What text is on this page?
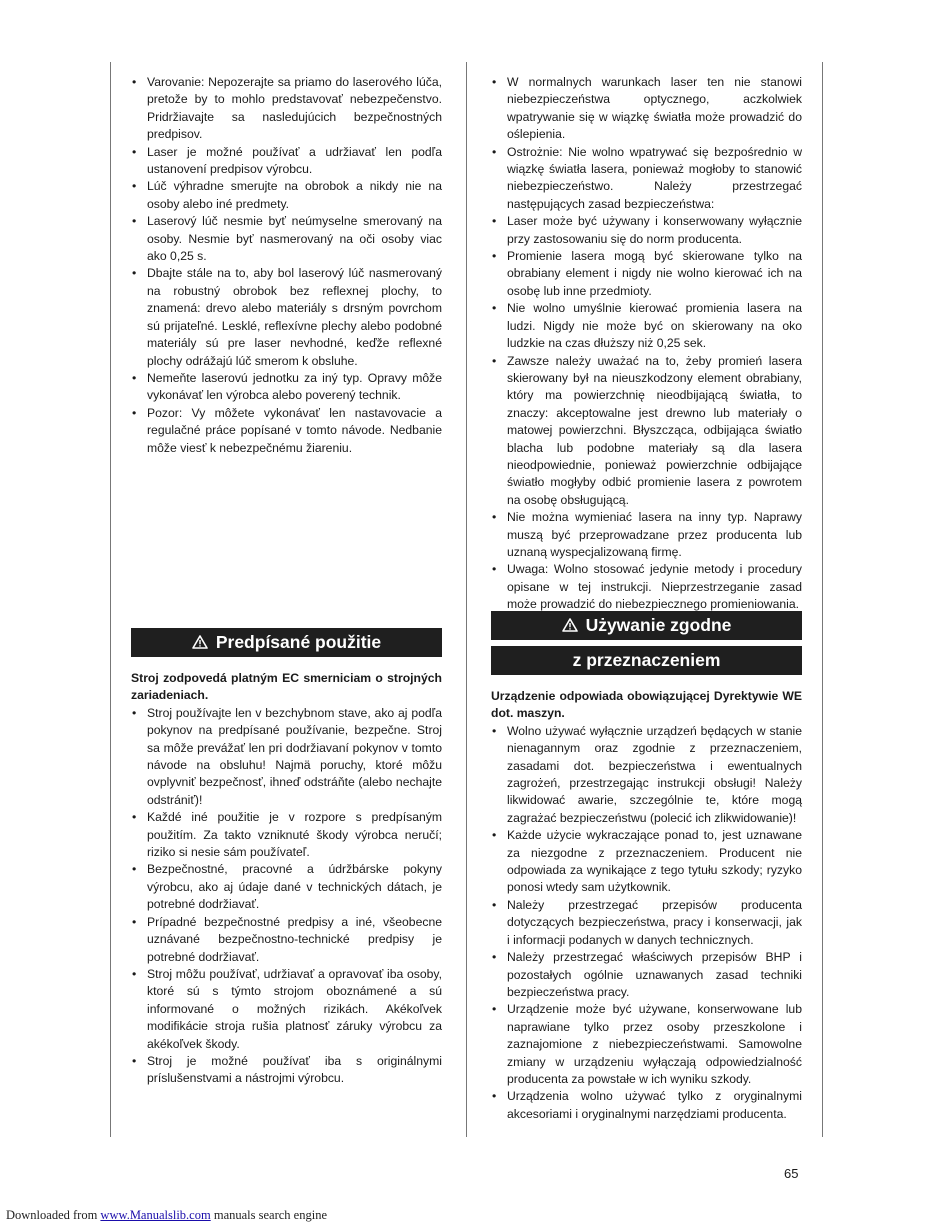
• Varovanie: Nepozerajte sa priamo do laserového lúča, pretože by to mohlo predstavovať nebezpečenstvo. Pridržiavajte sa nasledujúcich bezpečnostných predpisov.
• Laser je možné používať a udržiavať len podľa ustanovení predpisov výrobcu.
• Lúč výhradne smerujte na obrobok a nikdy nie na osoby alebo iné predmety.
• Laserový lúč nesmie byť neúmyselne smerovaný na osoby. Nesmie byť nasmerovaný na oči osoby viac ako 0,25 s.
• Dbajte stále na to, aby bol laserový lúč nasmerovaný na robustný obrobok bez reflexnej plochy, to znamená: drevo alebo materiály s drsným povrchom sú prijateľné. Lesklé, reflexívne plechy alebo podobné materiály sú pre laser nevhodné, keďže reflexné plochy odrážajú lúč smerom k obsluhe.
• Nemeňte laserovú jednotku za iný typ. Opravy môže vykonávať len výrobca alebo poverený technik.
• Pozor: Vy môžete vykonávať len nastavovacie a regulačné práce popísané v tomto návode. Nedbanie môže viesť k nebezpečnému žiareniu.
Predpísané použitie
Stroj zodpovedá platným EC smerniciam o strojných zariadeniach.
• Stroj používajte len v bezchybnom stave, ako aj podľa pokynov na predpísané používanie, bezpečne. Stroj sa môže prevážať len pri dodržiavaní pokynov v tomto návode na obsluhu! Najmä poruchy, ktoré môžu ovplyvniť bezpečnosť, ihneď odstráňte (alebo nechajte odstrániť)!
• Každé iné použitie je v rozpore s predpísaným použitím. Za takto vzniknuté škody výrobca neručí; riziko si nesie sám používateľ.
• Bezpečnostné, pracovné a údržbárske pokyny výrobcu, ako aj údaje dané v technických dátach, je potrebné dodržiavať.
• Prípadné bezpečnostné predpisy a iné, všeobecne uznávané bezpečnostno-technické predpisy je potrebné dodržiavať.
• Stroj môžu používať, udržiavať a opravovať iba osoby, ktoré sú s týmto strojom oboznámené a sú informované o možných rizikách. Akékoľvek modifikácie stroja rušia platnosť záruky výrobcu za akékoľvek škody.
• Stroj je možné používať iba s originálnymi príslušenstvami a nástrojmi výrobcu.
• W normalnych warunkach laser ten nie stanowi niebezpieczeństwa optycznego, aczkolwiek wpatrywanie się w wiązkę światła może prowadzić do oślepienia.
• Ostrożnie: Nie wolno wpatrywać się bezpośrednio w wiązkę światła lasera, ponieważ mogłoby to stanowić niebezpieczeństwo. Należy przestrzegać następujących zasad bezpieczeństwa:
• Laser może być używany i konserwowany wyłącznie przy zastosowaniu się do norm producenta.
• Promienie lasera mogą być skierowane tylko na obrabiany element i nigdy nie wolno kierować ich na osobę lub inne przedmioty.
• Nie wolno umyślnie kierować promienia lasera na ludzi. Nigdy nie może być on skierowany na oko ludzkie na czas dłuższy niż 0,25 sek.
• Zawsze należy uważać na to, żeby promień lasera skierowany był na nieuszkodzony element obrabiany, który ma powierzchnię nieodbijającą światła, to znaczy: akceptowalne jest drewno lub materiały o matowej powierzchni. Błyszcząca, odbijająca światło blacha lub podobne materiały są dla lasera nieodpowiednie, ponieważ powierzchnie odbijające światło mogłyby odbić promienie lasera z powrotem na osobę obsługującą.
• Nie można wymieniać lasera na inny typ. Naprawy muszą być przeprowadzane przez producenta lub uznaną wyspecjalizowaną firmę.
• Uwaga: Wolno stosować jedynie metody i procedury opisane w tej instrukcji. Nieprzestrzeganie zasad może prowadzić do niebezpiecznego promieniowania.
Używanie zgodne
z przeznaczeniem
Urządzenie odpowiada obowiązującej Dyrektywie WE dot. maszyn.
• Wolno używać wyłącznie urządzeń będących w stanie nienagannym oraz zgodnie z przeznaczeniem, zasadami dot. bezpieczeństwa i ewentualnych zagrożeń, przestrzegając instrukcji obsługi! Należy likwidować awarie, szczególnie te, które mogą zagrażać bezpieczeństwu (polecić ich zlikwidowanie)!
• Każde użycie wykraczające ponad to, jest uznawane za niezgodne z przeznaczeniem. Producent nie odpowiada za wynikające z tego tytułu szkody; ryzyko ponosi wtedy sam użytkownik.
• Należy przestrzegać przepisów producenta dotyczących bezpieczeństwa, pracy i konserwacji, jak i informacji podanych w danych technicznych.
• Należy przestrzegać właściwych przepisów BHP i pozostałych ogólnie uznawanych zasad techniki bezpieczeństwa pracy.
• Urządzenie może być używane, konserwowane lub naprawiane tylko przez osoby przeszkolone i zaznajomione z niebezpieczeństwami. Samowolne zmiany w urządzeniu wyłączają odpowiedzialność producenta za powstałe w ich wyniku szkody.
• Urządzenia wolno używać tylko z oryginalnymi akcesoriami i oryginalnymi narzędziami producenta.
65
Downloaded from www.Manualslib.com manuals search engine
